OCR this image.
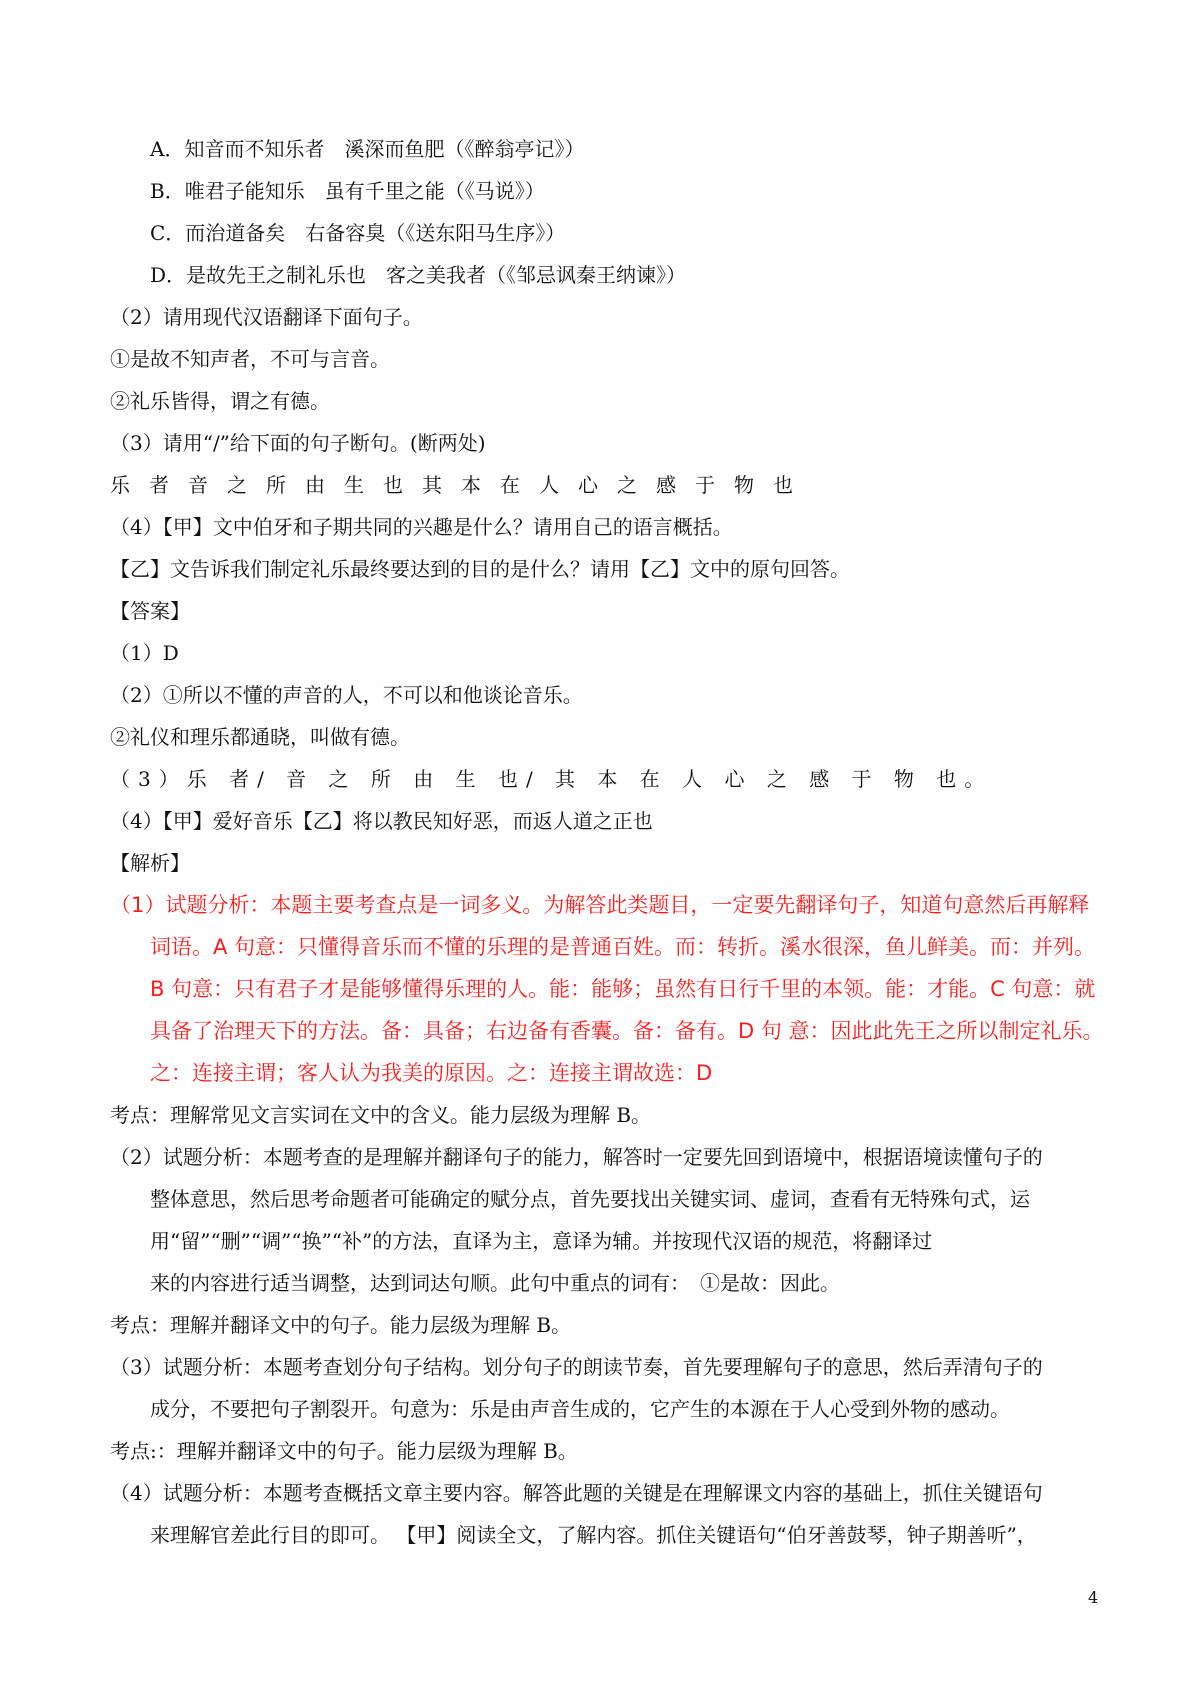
A．知音而不知乐者　溪深而鱼肥（《醉翁亭记》）
B．唯君子能知乐　虽有千里之能（《马说》）
C．而治道备矣　右备容臭（《送东阳马生序》）
D．是故先王之制礼乐也　客之美我者（《邹忌讽秦王纳谏》）
（2）请用现代汉语翻译下面句子。
①是故不知声者，不可与言音。
②礼乐皆得，谓之有德。
（3）请用“/”给下面的句子断句。(断两处)
乐者音之所由生也其本在人心之感于物也
（4）【甲】文中伯牙和子期共同的兴趣是什么？请用自己的语言概括。
【乙】文告诉我们制定礼乐最终要达到的目的是什么？请用【乙】文中的原句回答。
【答案】
（1）D
（2）①所以不懂的声音的人，不可以和他谈论音乐。
②礼仪和理乐都通晓，叫做有德。
（3）乐 者/ 音 之 所 由 生 也/ 其 本 在 人 心 之 感 于 物 也。
（4）【甲】爱好音乐【乙】将以教民知好恶，而返人道之正也
【解析】
（1）试题分析：本题主要考查点是一词多义。为解答此类题目，一定要先翻译句子，知道句意然后再解释
词语。A 句意：只懂得音乐而不懂的乐理的是普通百姓。而：转折。溪水很深，鱼儿鲜美。而：并列。
B 句意：只有君子才是能够懂得乐理的人。能：能够；虽然有日行千里的本领。能：才能。C 句意：就
具备了治理天下的方法。备：具备；右边备有香囊。备：备有。D 句 意：因此此先王之所以制定礼乐。
之：连接主谓；客人认为我美的原因。之：连接主谓故选：D
考点：理解常见文言实词在文中的含义。能力层级为理解 B。
（2）试题分析：本题考查的是理解并翻译句子的能力，解答时一定要先回到语境中，根据语境读懂句子的
整体意思，然后思考命题者可能确定的赋分点，首先要找出关键实词、虚词，查看有无特殊句式，运
用“留”“删”“调”“换”“补”的方法，直译为主，意译为辅。并按现代汉语的规范，将翻译过
来的内容进行适当调整，达到词达句顺。此句中重点的词有：　①是故：因此。
考点：理解并翻译文中的句子。能力层级为理解 B。
（3）试题分析：本题考查划分句子结构。划分句子的朗读节奏，首先要理解句子的意思，然后弄清句子的
成分，不要把句子割裂开。句意为：乐是由声音生成的，它产生的本源在于人心受到外物的感动。
考点:：理解并翻译文中的句子。能力层级为理解 B。
（4）试题分析：本题考查概括文章主要内容。解答此题的关键是在理解课文内容的基础上，抓住关键语句
来理解官差此行目的即可。 【甲】阅读全文，了解内容。抓住关键语句“伯牙善鼓琴，钟子期善听”，
4
